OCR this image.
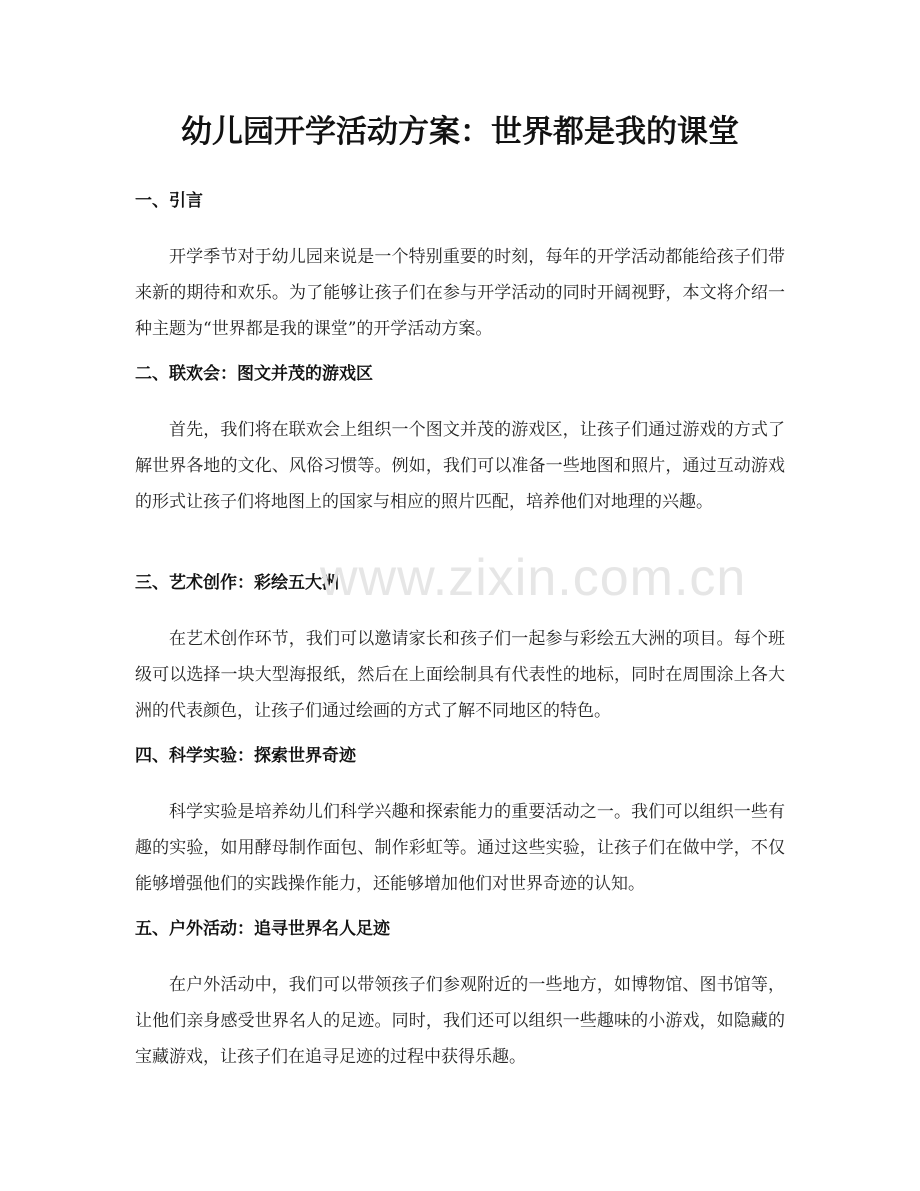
幼儿园开学活动方案：世界都是我的课堂
一、引言

开学季节对于幼儿园来说是一个特别重要的时刻，每年的开学活动都能给孩子们带来新的期待和欢乐。为了能够让孩子们在参与开学活动的同时开阔视野，本文将介绍一种主题为“世界都是我的课堂”的开学活动方案。

二、联欢会：图文并茂的游戏区

首先，我们将在联欢会上组织一个图文并茂的游戏区，让孩子们通过游戏的方式了解世界各地的文化、风俗习惯等。例如，我们可以准备一些地图和照片，通过互动游戏的形式让孩子们将地图上的国家与相应的照片匹配，培养他们对地理的兴趣。

三、艺术创作：彩绘五大洲

在艺术创作环节，我们可以邀请家长和孩子们一起参与彩绘五大洲的项目。每个班级可以选择一块大型海报纸，然后在上面绘制具有代表性的地标，同时在周围涂上各大洲的代表颜色，让孩子们通过绘画的方式了解不同地区的特色。

四、科学实验：探索世界奇迹

科学实验是培养幼儿们科学兴趣和探索能力的重要活动之一。我们可以组织一些有趣的实验，如用酵母制作面包、制作彩虹等。通过这些实验，让孩子们在做中学，不仅能够增强他们的实践操作能力，还能够增加他们对世界奇迹的认知。

五、户外活动：追寻世界名人足迹

在户外活动中，我们可以带领孩子们参观附近的一些地方，如博物馆、图书馆等，让他们亲身感受世界名人的足迹。同时，我们还可以组织一些趣味的小游戏，如隐藏的宝藏游戏，让孩子们在追寻足迹的过程中获得乐趣。

www.zixin.com.cn
